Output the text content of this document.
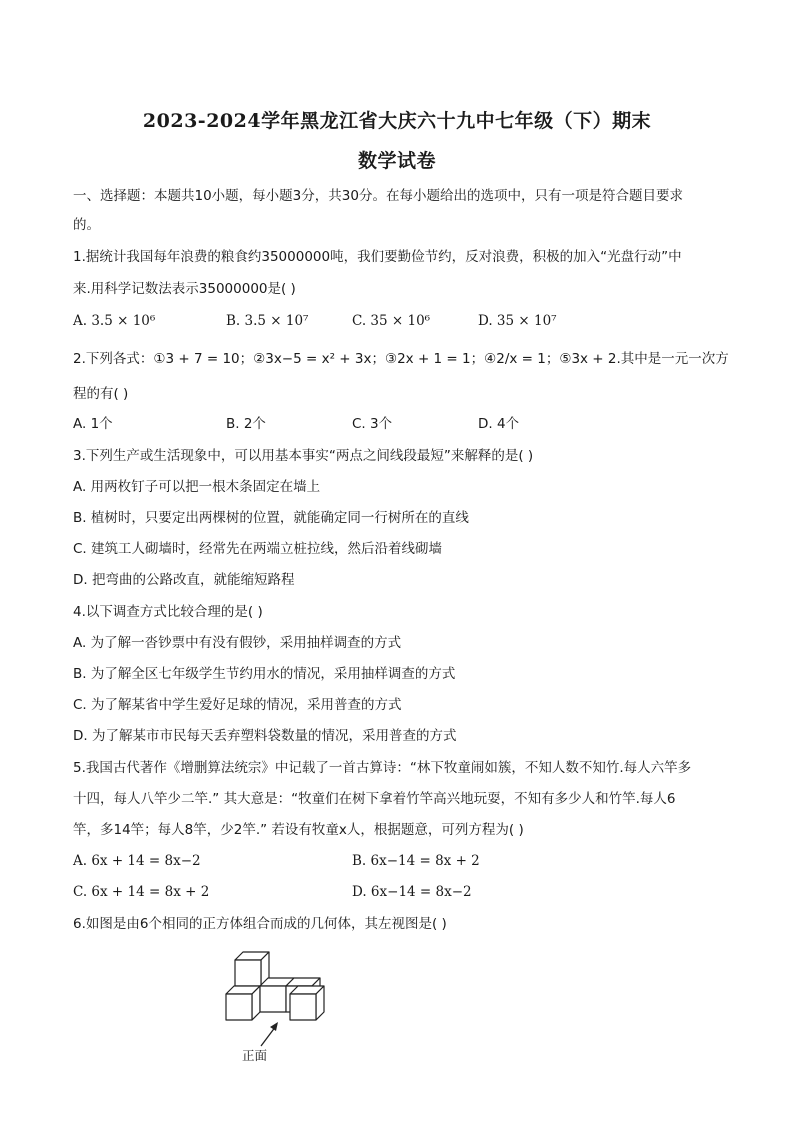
2023-2024学年黑龙江省大庆六十九中七年级（下）期末
数学试卷
一、选择题：本题共10小题，每小题3分，共30分。在每小题给出的选项中，只有一项是符合题目要求
的。
1.据统计我国每年浪费的粮食约35000000吨，我们要勤俭节约，反对浪费，积极的加入“光盘行动”中
来.用科学记数法表示35000000是( )
A. 3.5 × 10⁶	B. 3.5 × 10⁷	C. 35 × 10⁶	D. 35 × 10⁷
2.下列各式：①3 + 7 = 10；②3x−5 = x² + 3x；③2x + 1 = 1；④2/x = 1；⑤3x + 2.其中是一元一次方
程的有( )
A. 1个	B. 2个	C. 3个	D. 4个
3.下列生产或生活现象中，可以用基本事实“两点之间线段最短”来解释的是( )
A. 用两枚钉子可以把一根木条固定在墙上
B. 植树时，只要定出两棵树的位置，就能确定同一行树所在的直线
C. 建筑工人砌墙时，经常先在两端立桩拉线，然后沿着线砌墙
D. 把弯曲的公路改直，就能缩短路程
4.以下调查方式比较合理的是( )
A. 为了解一沓钞票中有没有假钞，采用抽样调查的方式
B. 为了解全区七年级学生节约用水的情况，采用抽样调查的方式
C. 为了解某省中学生爱好足球的情况，采用普查的方式
D. 为了解某市市民每天丢弃塑料袋数量的情况，采用普查的方式
5.我国古代著作《增删算法统宗》中记载了一首古算诗：“林下牧童闹如簇，不知人数不知竹.每人六竿多
十四，每人八竿少二竿.” 其大意是：“牧童们在树下拿着竹竿高兴地玩耍，不知有多少人和竹竿.每人6
竿，多14竿；每人8竿，少2竿.” 若设有牧童x人，根据题意，可列方程为( )
A. 6x + 14 = 8x−2	B. 6x−14 = 8x + 2
C. 6x + 14 = 8x + 2	D. 6x−14 = 8x−2
6.如图是由6个相同的正方体组合而成的几何体，其左视图是( )
正面
